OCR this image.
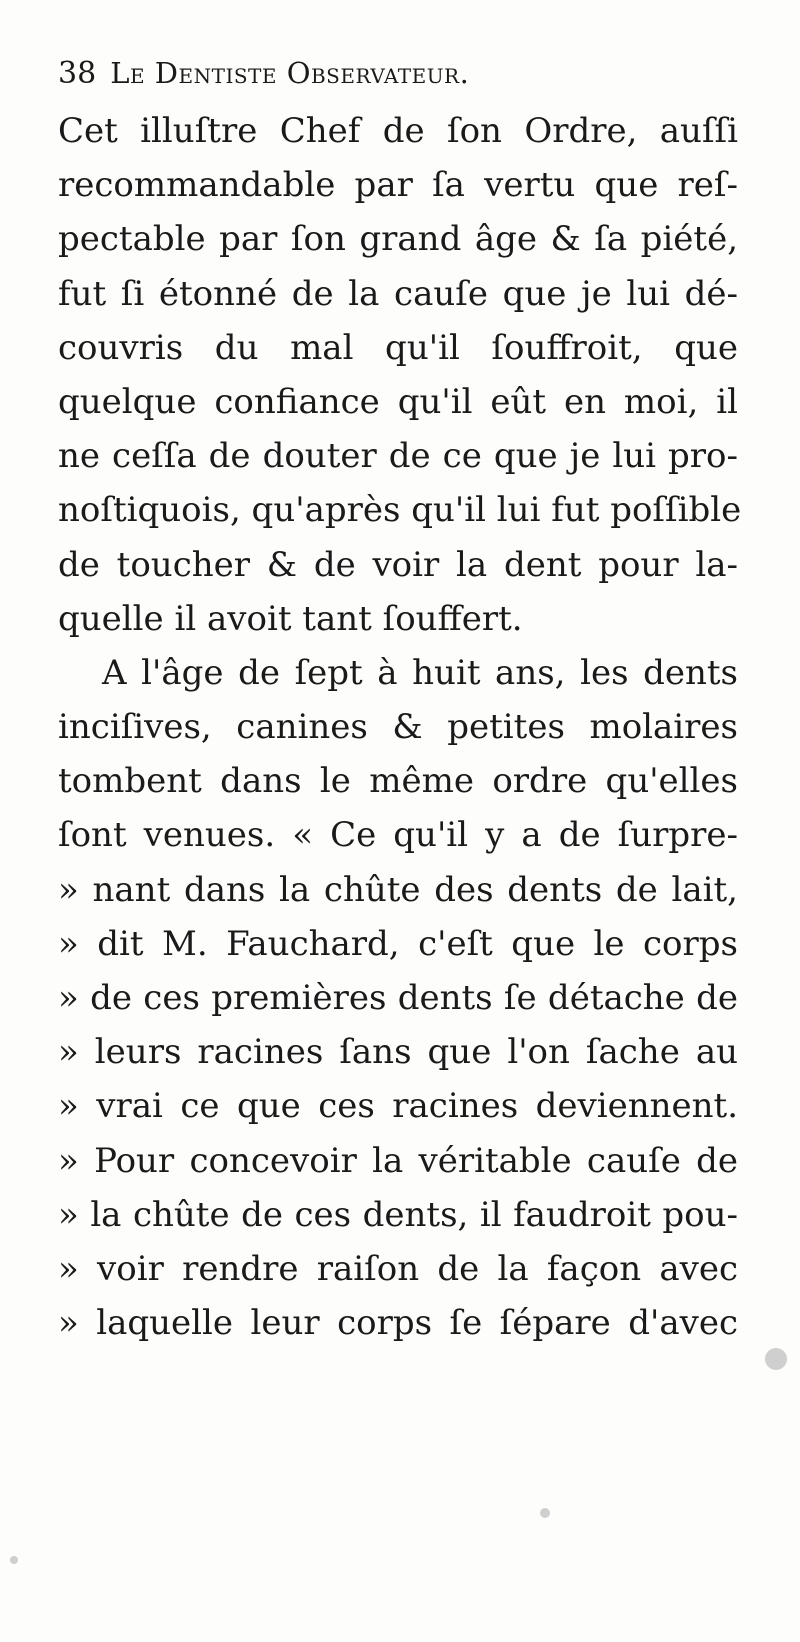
38 Le Dentiste Observateur.
Cet illuſtre Chef de ſon Ordre, auſſi
recommandable par ſa vertu que reſ-
pectable par ſon grand âge & ſa piété,
fut ſi étonné de la cauſe que je lui dé-
couvris du mal qu'il ſouffroit, que
quelque confiance qu'il eût en moi, il
ne ceſſa de douter de ce que je lui pro-
noſtiquois, qu'après qu'il lui fut poſſible
de toucher & de voir la dent pour la-
quelle il avoit tant ſouffert.
A l'âge de ſept à huit ans, les dents
inciſives, canines & petites molaires
tombent dans le même ordre qu'elles
ſont venues. « Ce qu'il y a de ſurpre-
» nant dans la chûte des dents de lait,
» dit M. Fauchard, c'eſt que le corps
» de ces premières dents ſe détache de
» leurs racines ſans que l'on ſache au
» vrai ce que ces racines deviennent.
» Pour concevoir la véritable cauſe de
» la chûte de ces dents, il faudroit pou-
» voir rendre raiſon de la façon avec
» laquelle leur corps ſe ſépare d'avec
